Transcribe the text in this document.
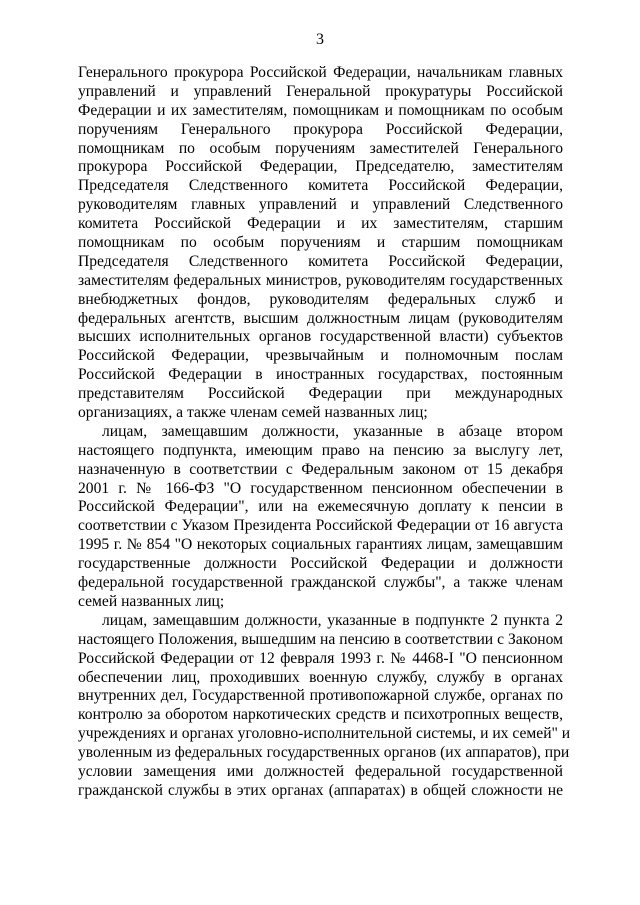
3
Генерального прокурора Российской Федерации, начальникам главных
управлений и управлений Генеральной прокуратуры Российской
Федерации и их заместителям, помощникам и помощникам по особым
поручениям Генерального прокурора Российской Федерации,
помощникам по особым поручениям заместителей Генерального
прокурора Российской Федерации, Председателю, заместителям
Председателя Следственного комитета Российской Федерации,
руководителям главных управлений и управлений Следственного
комитета Российской Федерации и их заместителям, старшим
помощникам по особым поручениям и старшим помощникам
Председателя Следственного комитета Российской Федерации,
заместителям федеральных министров, руководителям государственных
внебюджетных фондов, руководителям федеральных служб и
федеральных агентств, высшим должностным лицам (руководителям
высших исполнительных органов государственной власти) субъектов
Российской Федерации, чрезвычайным и полномочным послам
Российской Федерации в иностранных государствах, постоянным
представителям Российской Федерации при международных
организациях, а также членам семей названных лиц;
лицам, замещавшим должности, указанные в абзаце втором
настоящего подпункта, имеющим право на пенсию за выслугу лет,
назначенную в соответствии с Федеральным законом от 15 декабря
2001 г. № 166-ФЗ "О государственном пенсионном обеспечении в
Российской Федерации", или на ежемесячную доплату к пенсии в
соответствии с Указом Президента Российской Федерации от 16 августа
1995 г. № 854 "О некоторых социальных гарантиях лицам, замещавшим
государственные должности Российской Федерации и должности
федеральной государственной гражданской службы", а также членам
семей названных лиц;
лицам, замещавшим должности, указанные в подпункте 2 пункта 2
настоящего Положения, вышедшим на пенсию в соответствии с Законом
Российской Федерации от 12 февраля 1993 г. № 4468-I "О пенсионном
обеспечении лиц, проходивших военную службу, службу в органах
внутренних дел, Государственной противопожарной службе, органах по
контролю за оборотом наркотических средств и психотропных веществ,
учреждениях и органах уголовно-исполнительной системы, и их семей" и
уволенным из федеральных государственных органов (их аппаратов), при
условии замещения ими должностей федеральной государственной
гражданской службы в этих органах (аппаратах) в общей сложности не
